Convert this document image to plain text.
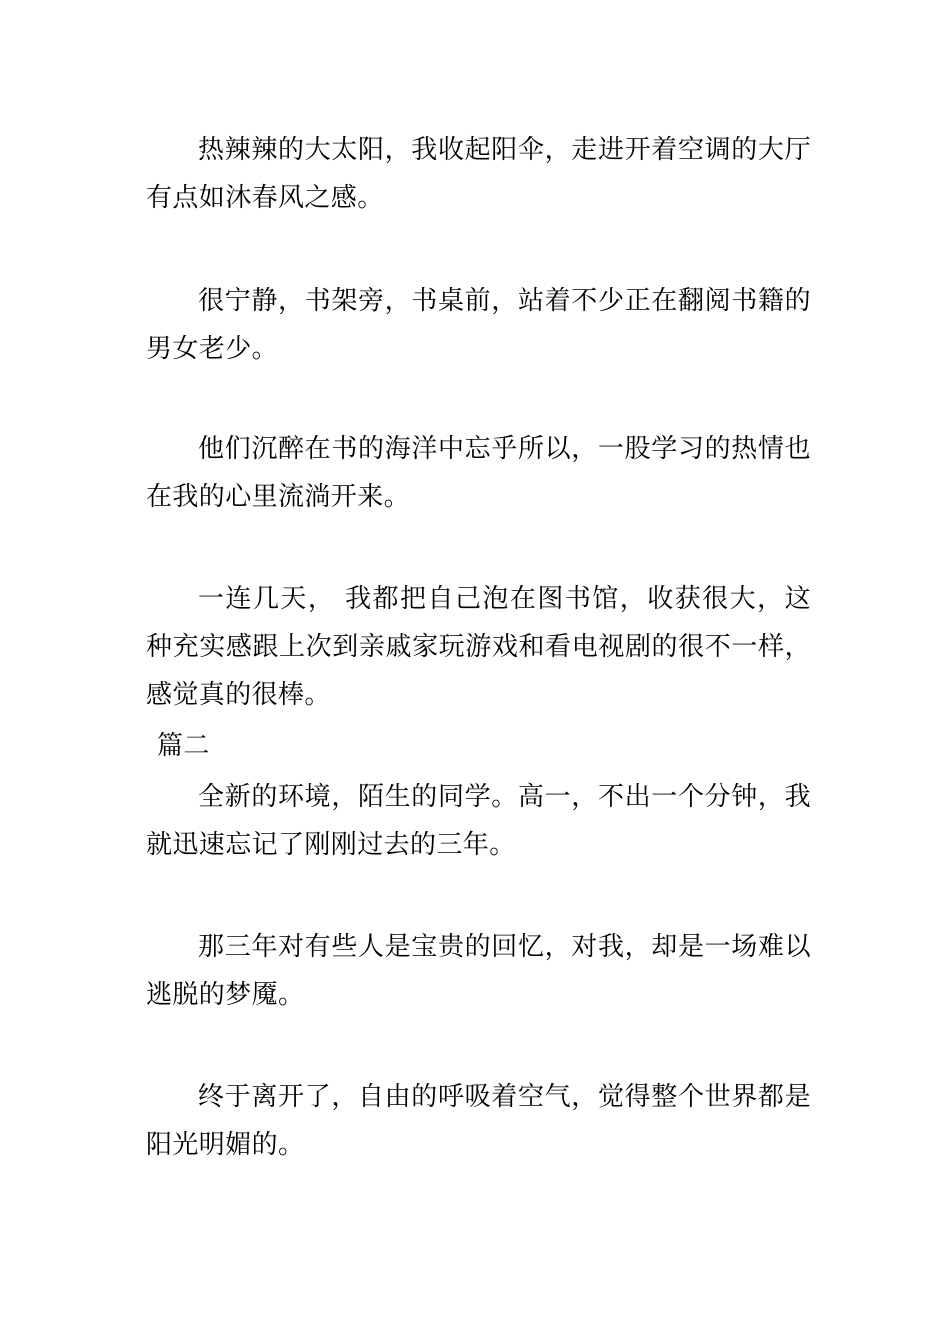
热辣辣的大太阳，我收起阳伞，走进开着空调的大厅有点如沐春风之感。

很宁静，书架旁，书桌前，站着不少正在翻阅书籍的男女老少。

他们沉醉在书的海洋中忘乎所以，一股学习的热情也在我的心里流淌开来。

一连几天， 我都把自己泡在图书馆，收获很大，这种充实感跟上次到亲戚家玩游戏和看电视剧的很不一样，感觉真的很棒。

篇二

全新的环境，陌生的同学。高一，不出一个分钟，我就迅速忘记了刚刚过去的三年。

那三年对有些人是宝贵的回忆，对我，却是一场难以逃脱的梦魇。

终于离开了，自由的呼吸着空气，觉得整个世界都是阳光明媚的。
